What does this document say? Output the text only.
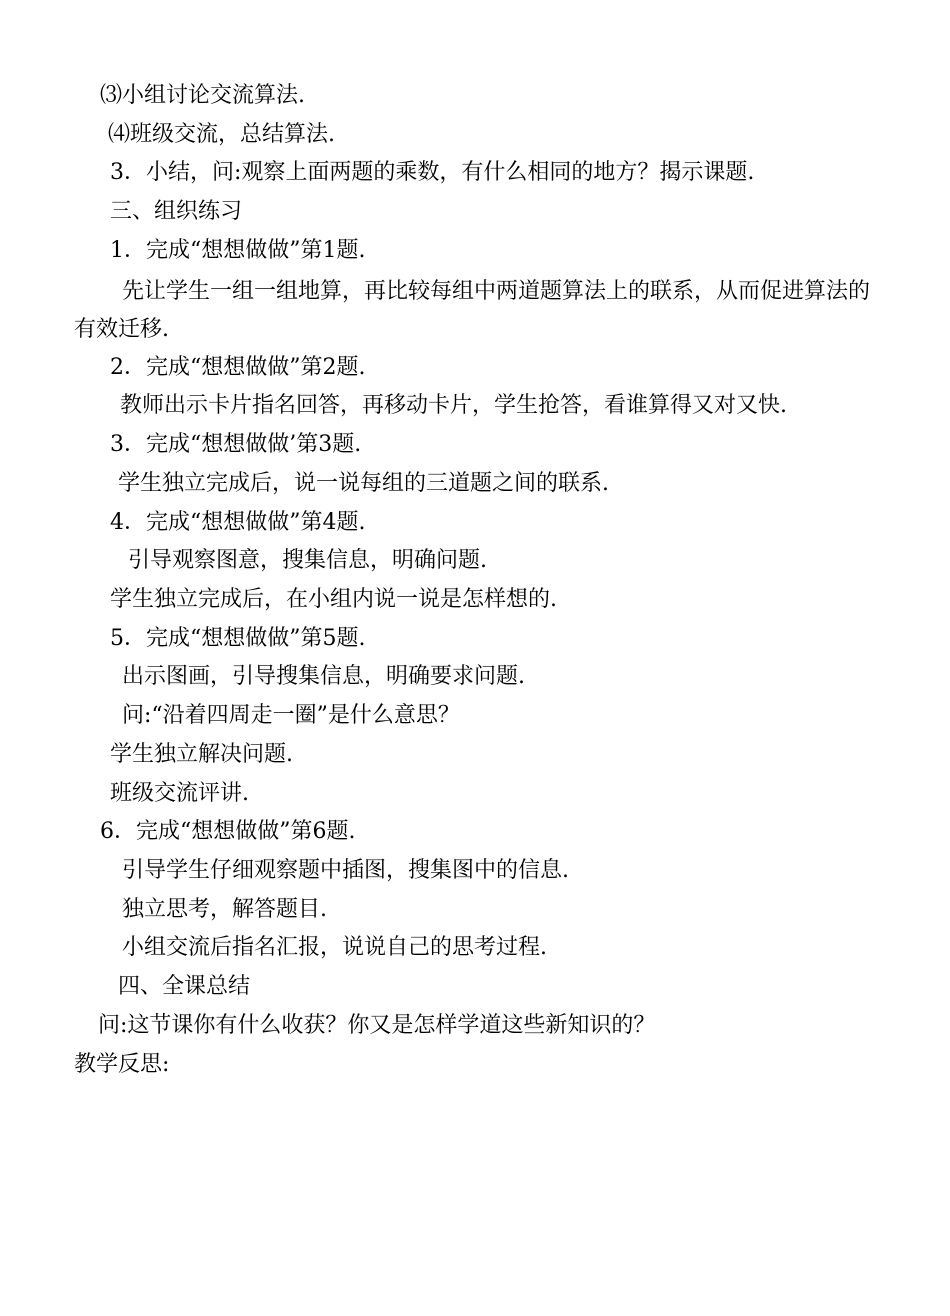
⑶小组讨论交流算法.
⑷班级交流，总结算法.
3．小结，问:观察上面两题的乘数，有什么相同的地方？揭示课题.
三、组织练习
1．完成“想想做做”第1题.
先让学生一组一组地算，再比较每组中两道题算法上的联系，从而促进算法的有效迁移.
2．完成“想想做做”第2题.
教师出示卡片指名回答，再移动卡片，学生抢答，看谁算得又对又快.
3．完成“想想做做’第3题.
学生独立完成后，说一说每组的三道题之间的联系.
4．完成“想想做做”第4题.
引导观察图意，搜集信息，明确问题.
学生独立完成后，在小组内说一说是怎样想的.
5．完成“想想做做”第5题.
出示图画，引导搜集信息，明确要求问题.
问:“沿着四周走一圈”是什么意思？
学生独立解决问题.
班级交流评讲.
6．完成“想想做做”第6题.
引导学生仔细观察题中插图，搜集图中的信息.
独立思考，解答题目.
小组交流后指名汇报，说说自己的思考过程.
四、全课总结
问:这节课你有什么收获？你又是怎样学道这些新知识的？
教学反思:
